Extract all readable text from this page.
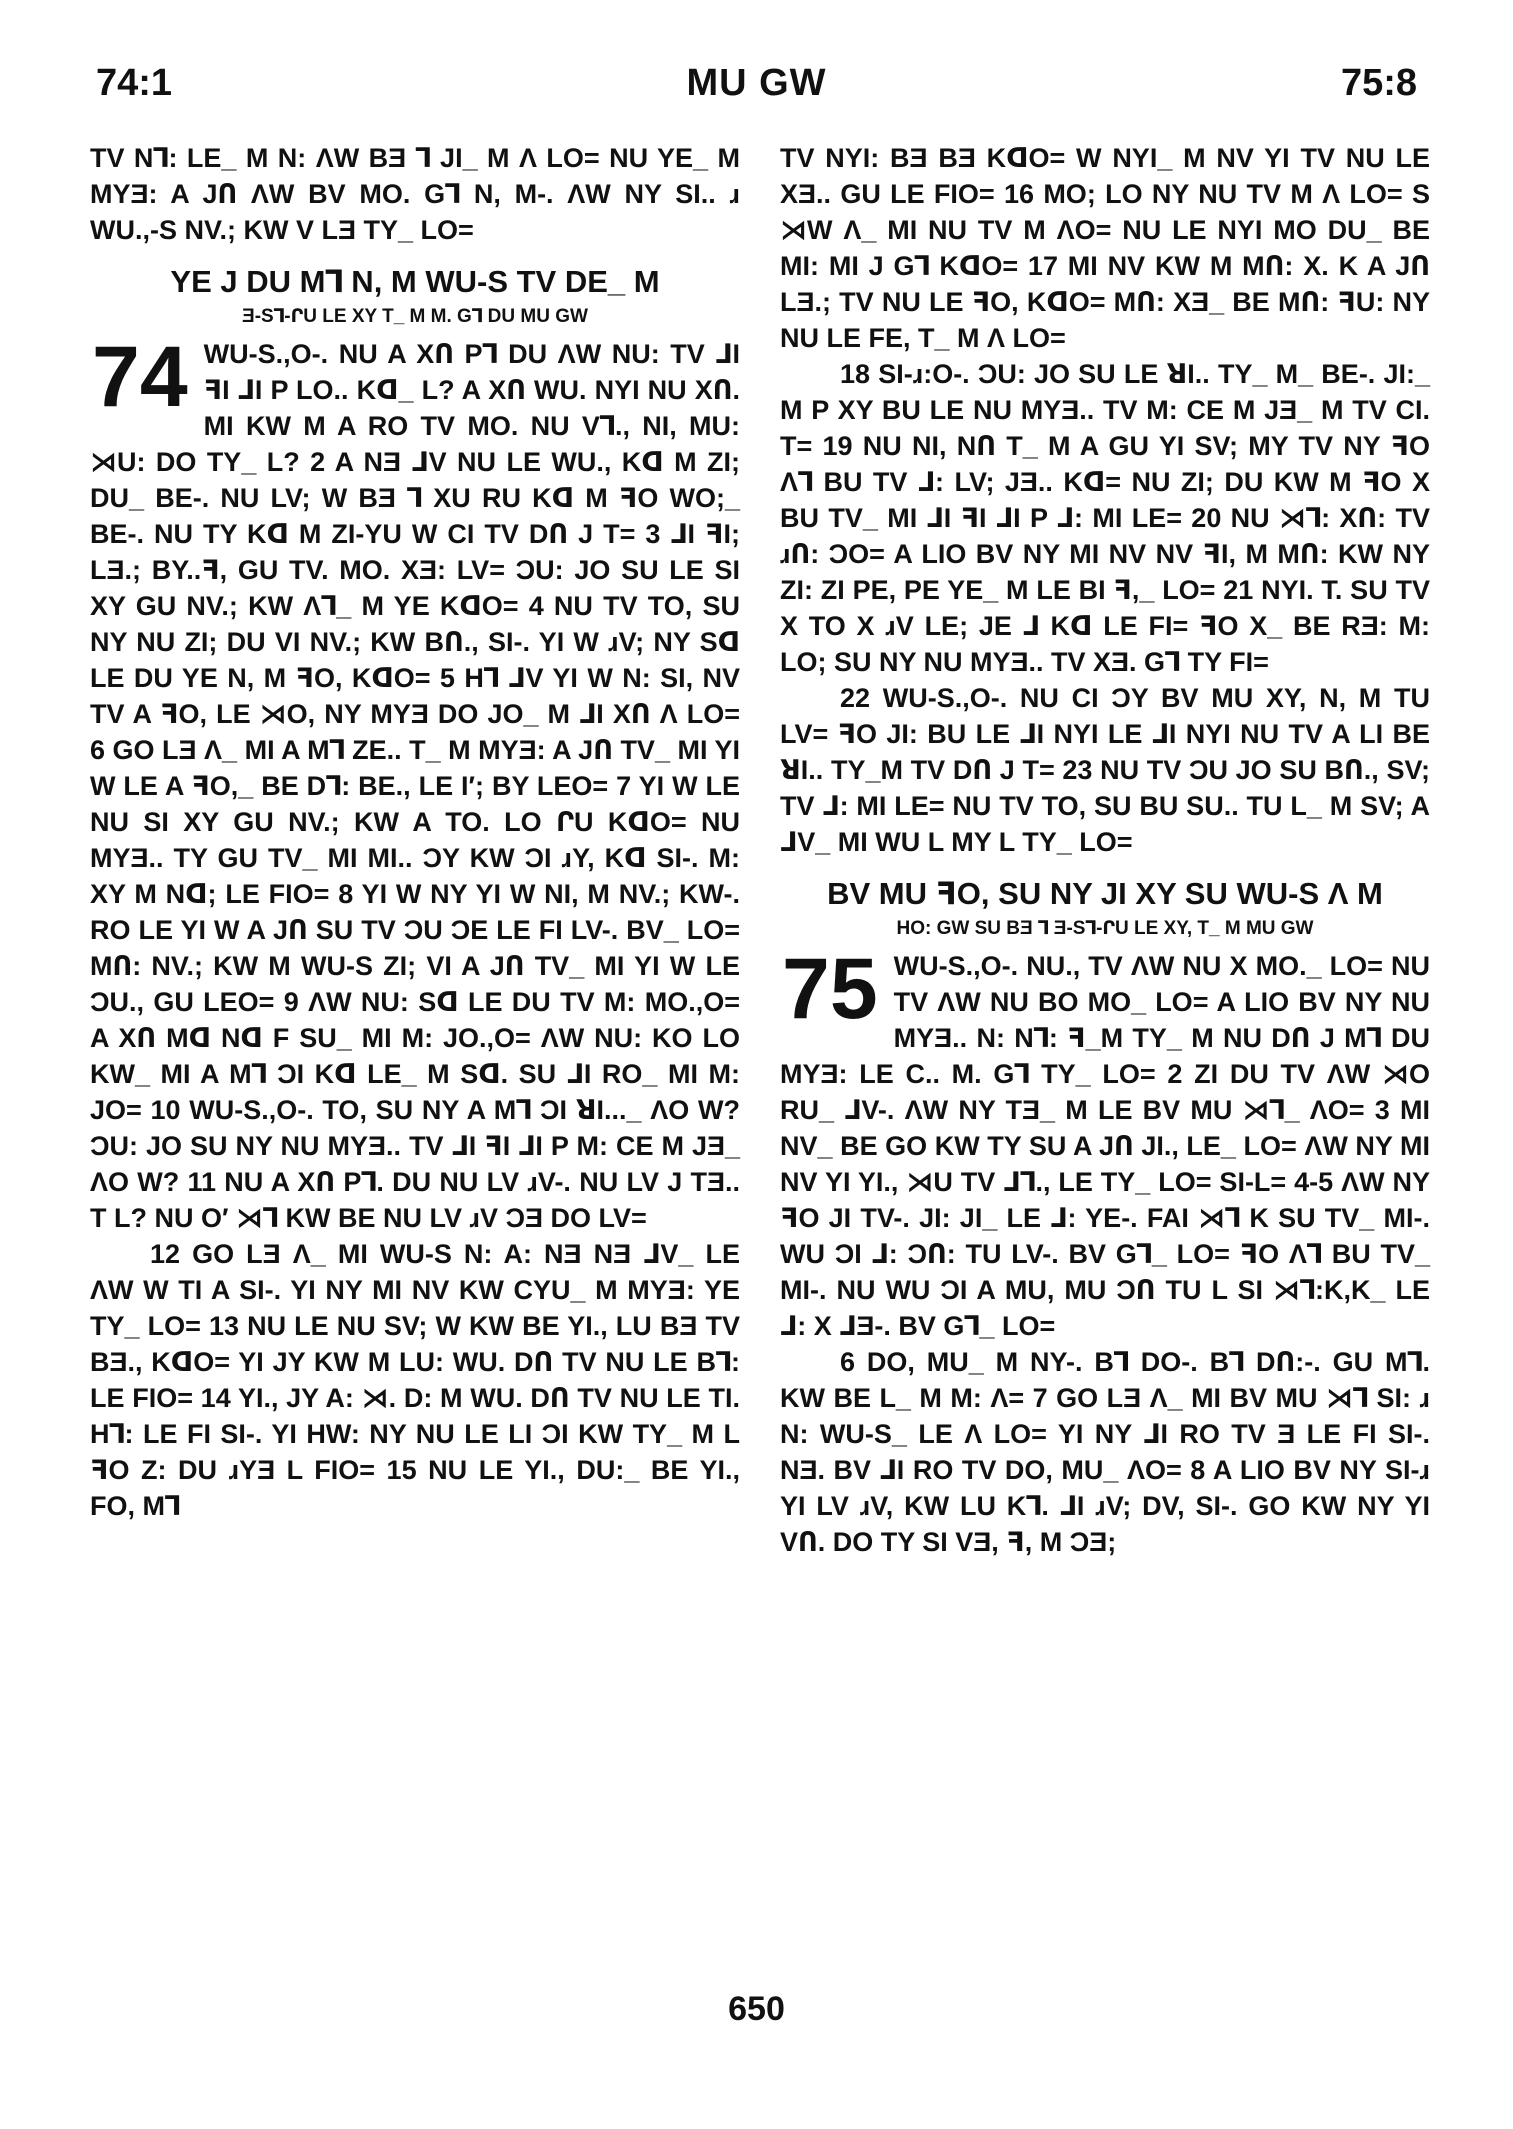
74:1	MU GW	75:8

TV N⅂: LE_ M N: ΛW BƎ ⅂ JI_ M Λ LO= NU YE_ M MYƎ: A JՈ ΛW BV MO. G⅂ N, M-. ΛW NY SI.. ɹ WU.,-S NV.; KW V LƎ TY_ LO=

YE J DU M⅂ N, M WU-S TV DE_ M
Ǝ-S⅂-ՐU LE XY T_ M M. G⅂ DU MU GW

74 WU-S.,O-. NU A XՈ P⅂ DU ΛW NU: TV ⅃I ꟻI ⅃I P LO.. Kꓷ_ L? A XՈ WU. NYI NU XՈ. MI KW M A RO TV MO. NU V⅂., NI, MU: ⋊U: DO TY_ L? 2 A NƎ ⅃V NU LE WU., Kꓷ M ZI; DU_ BE-. NU LV; W BƎ ⅂ XU RU Kꓷ M ꟻO WO;_ BE-. NU TY Kꓷ M ZI-YU W CI TV DՈ J T= 3 ⅃I ꟻI; LƎ.; BY..ꟻ, GU TV. MO. XƎ: LV= ƆU: JO SU LE SI XY GU NV.; KW Λ⅂_ M YE KꓷO= 4 NU TV TO, SU NY NU ZI; DU VI NV.; KW BՈ., SI-. YI W ɹV; NY Sꓷ LE DU YE N, M ꟻO, KꓷO= 5 H⅂ ⅃V YI W N: SI, NV TV A ꟻO, LE ⋊O, NY MYƎ DO JO_ M ⅃I XՈ Λ LO= 6 GO LƎ Λ_ MI A M⅂ ZE.. T_ M MYƎ: A JՈ TV_ MI YI W LE A ꟻO,_ BE D⅂: BE., LE I′; BY LEO= 7 YI W LE NU SI XY GU NV.; KW A TO. LO ՐU KꓷO= NU MYƎ.. TY GU TV_ MI MI.. ƆY KW ƆI ɹY, Kꓷ SI-. M: XY M Nꓷ; LE FIO= 8 YI W NY YI W NI, M NV.; KW-. RO LE YI W A JՈ SU TV ƆU ƆE LE FI LV-. BV_ LO= MՈ: NV.; KW M WU-S ZI; VI A JՈ TV_ MI YI W LE ƆU., GU LEO= 9 ΛW NU: Sꓷ LE DU TV M: MO.,O= A XՈ Mꓷ Nꓷ F SU_ MI M: JO.,O= ΛW NU: KO LO KW_ MI A M⅂ ƆI Kꓷ LE_ M Sꓷ. SU ⅃I RO_ MI M: JO= 10 WU-S.,O-. TO, SU NY A M⅂ ƆI ꓤI..._ ΛO W? ƆU: JO SU NY NU MYƎ.. TV ⅃I ꟻI ⅃I P M: CE M JƎ_ ΛO W? 11 NU A XՈ P⅂. DU NU LV ɹV-. NU LV J TƎ.. T L? NU O′ ⋊⅂ KW BE NU LV ɹV ƆƎ DO LV=

12 GO LƎ Λ_ MI WU-S N: A: NƎ NƎ ⅃V_ LE ΛW W TI A SI-. YI NY MI NV KW CYU_ M MYƎ: YE TY_ LO= 13 NU LE NU SV; W KW BE YI., LU BƎ TV BƎ., KꓷO= YI JY KW M LU: WU. DՈ TV NU LE B⅂: LE FIO= 14 YI., JY A: ⋊. D: M WU. DՈ TV NU LE TI. H⅂: LE FI SI-. YI HW: NY NU LE LI ƆI KW TY_ M L ꟻO Z: DU ɹYƎ L FIO= 15 NU LE YI., DU:_ BE YI., FO, M⅂

TV NYI: BƎ BƎ KꓷO= W NYI_ M NV YI TV NU LE XƎ.. GU LE FIO= 16 MO; LO NY NU TV M Λ LO= S ⋊W Λ_ MI NU TV M ΛO= NU LE NYI MO DU_ BE MI: MI J G⅂ KꓷO= 17 MI NV KW M MՈ: X. K A JՈ LƎ.; TV NU LE ꟻO, KꓷO= MՈ: XƎ_ BE MՈ: ꟻU: NY NU LE FE, T_ M Λ LO=

18 SI-ɹ:O-. ƆU: JO SU LE ꓤI.. TY_ M_ BE-. JI:_ M P XY BU LE NU MYƎ.. TV M: CE M JƎ_ M TV CI. T= 19 NU NI, NՈ T_ M A GU YI SV; MY TV NY ꟻO Λ⅂ BU TV ⅃: LV; JƎ.. Kꓷ= NU ZI; DU KW M ꟻO X BU TV_ MI ⅃I ꟻI ⅃I P ⅃: MI LE= 20 NU ⋊⅂: XՈ: TV ɹՈ: ƆO= A LIO BV NY MI NV NV ꟻI, M MՈ: KW NY ZI: ZI PE, PE YE_ M LE BI ꟻ,_ LO= 21 NYI. T. SU TV X TO X ɹV LE; JE ⅃ Kꓷ LE FI= ꟻO X_ BE RƎ: M: LO; SU NY NU MYƎ.. TV XƎ. G⅂ TY FI=

22 WU-S.,O-. NU CI ƆY BV MU XY, N, M TU LV= ꟻO JI: BU LE ⅃I NYI LE ⅃I NYI NU TV A LI BE ꓤI.. TY_M TV DՈ J T= 23 NU TV ƆU JO SU BՈ., SV; TV ⅃: MI LE= NU TV TO, SU BU SU.. TU L_ M SV; A ⅃V_ MI WU L MY L TY_ LO=

BV MU ꟻO, SU NY JI XY SU WU-S Λ M
HO: GW SU BƎ ⅂ Ǝ-S⅂-ՐU LE XY, T_ M MU GW

75 WU-S.,O-. NU., TV ΛW NU X MO._ LO= NU TV ΛW NU BO MO_ LO= A LIO BV NY NU MYƎ.. N: N⅂: ꟻ_M TY_ M NU DՈ J M⅂ DU MYƎ: LE C.. M. G⅂ TY_ LO= 2 ZI DU TV ΛW ⋊O RU_ ⅃V-. ΛW NY TƎ_ M LE BV MU ⋊⅂_ ΛO= 3 MI NV_ BE GO KW TY SU A JՈ JI., LE_ LO= ΛW NY MI NV YI YI., ⋊U TV ⅃⅂., LE TY_ LO= SI-L= 4-5 ΛW NY ꟻO JI TV-. JI: JI_ LE ⅃: YE-. FAI ⋊⅂ K SU TV_ MI-. WU ƆI ⅃: ƆՈ: TU LV-. BV G⅂_ LO= ꟻO Λ⅂ BU TV_ MI-. NU WU ƆI A MU, MU ƆՈ TU L SI ⋊⅂:K,K_ LE ⅃: X ⅃Ǝ-. BV G⅂_ LO=

6 DO, MU_ M NY-. B⅂ DO-. B⅂ DՈ:-. GU M⅂. KW BE L_ M M: Λ= 7 GO LƎ Λ_ MI BV MU ⋊⅂ SI: ɹ N: WU-S_ LE Λ LO= YI NY ⅃I RO TV Ǝ LE FI SI-. NƎ. BV ⅃I RO TV DO, MU_ ΛO= 8 A LIO BV NY SI-ɹ YI LV ɹV, KW LU K⅂. ⅃I ɹV; DV, SI-. GO KW NY YI VՈ. DO TY SI VƎ, ꟻ, M ƆƎ;

650
